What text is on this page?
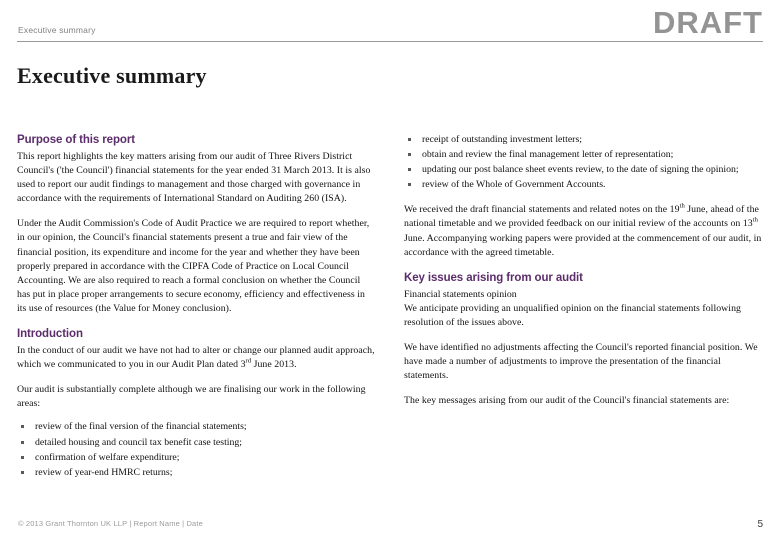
Executive summary	DRAFT
Executive summary
Purpose of this report

This report highlights the key matters arising from our audit of Three Rivers District Council's ('the Council') financial statements for the year ended 31 March 2013. It is also used to report our audit findings to management and those charged with governance in accordance with the requirements of International Standard on Auditing 260 (ISA).

Under the Audit Commission's Code of Audit Practice we are required to report whether, in our opinion, the Council's financial statements present a true and fair view of the financial position, its expenditure and income for the year and whether they have been properly prepared in accordance with the CIPFA Code of Practice on Local Council Accounting. We are also required to reach a formal conclusion on whether the Council has put in place proper arrangements to secure economy, efficiency and effectiveness in its use of resources (the Value for Money conclusion).

Introduction

In the conduct of our audit we have not had to alter or change our planned audit approach, which we communicated to you in our Audit Plan dated 3rd June 2013.

Our audit is substantially complete although we are finalising our work in the following areas:

review of the final version of the financial statements;
detailed housing and council tax benefit case testing;
confirmation of welfare expenditure;
review of year-end HMRC returns;
receipt of outstanding investment letters;
obtain and review the final management letter of representation;
updating our post balance sheet events review, to the date of signing the opinion;
review of the Whole of Government Accounts.

We received the draft financial statements and related notes on the 19th June, ahead of the national timetable and we provided feedback on our initial review of the accounts on 13th June. Accompanying working papers were provided at the commencement of our audit, in accordance with the agreed timetable.

Key issues arising from our audit
Financial statements opinion

We anticipate providing an unqualified opinion on the financial statements following resolution of the issues above.

We have identified no adjustments affecting the Council's reported financial position. We have made a number of adjustments to improve the presentation of the financial statements.

The key messages arising from our audit of the Council's financial statements are:

© 2013 Grant Thornton UK LLP | Report Name | Date	5
